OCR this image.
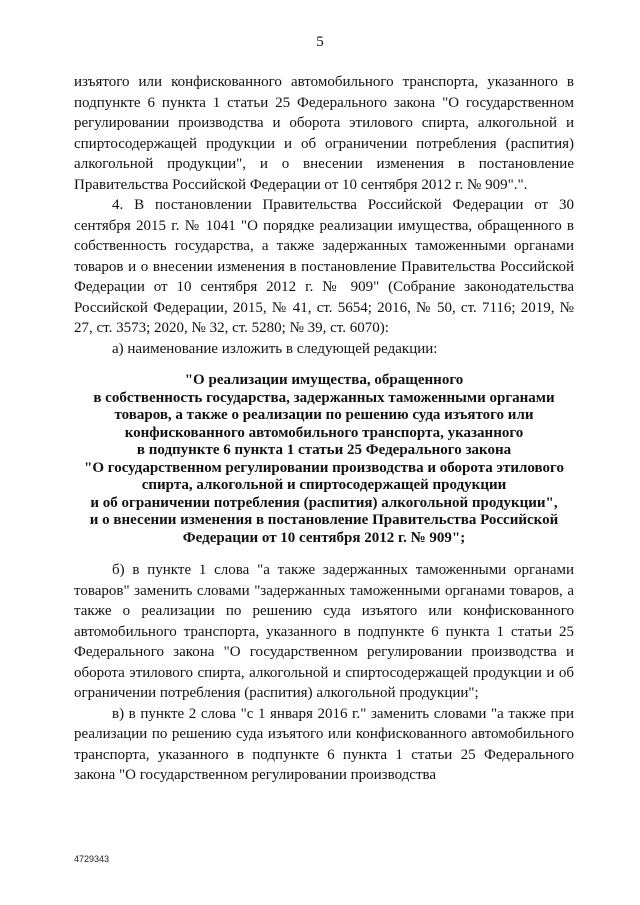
5

изъятого или конфискованного автомобильного транспорта, указанного в подпункте 6 пункта 1 статьи 25 Федерального закона "О государственном регулировании производства и оборота этилового спирта, алкогольной и спиртосодержащей продукции и об ограничении потребления (распития) алкогольной продукции", и о внесении изменения в постановление Правительства Российской Федерации от 10 сентября 2012 г. № 909".".

4. В постановлении Правительства Российской Федерации от 30 сентября 2015 г. № 1041 "О порядке реализации имущества, обращенного в собственность государства, а также задержанных таможенными органами товаров и о внесении изменения в постановление Правительства Российской Федерации от 10 сентября 2012 г. № 909" (Собрание законодательства Российской Федерации, 2015, № 41, ст. 5654; 2016, № 50, ст. 7116; 2019, № 27, ст. 3573; 2020, № 32, ст. 5280; № 39, ст. 6070):

а) наименование изложить в следующей редакции:

"О реализации имущества, обращенного
в собственность государства, задержанных таможенными органами
товаров, а также о реализации по решению суда изъятого или
конфискованного автомобильного транспорта, указанного
в подпункте 6 пункта 1 статьи 25 Федерального закона
"О государственном регулировании производства и оборота этилового
спирта, алкогольной и спиртосодержащей продукции
и об ограничении потребления (распития) алкогольной продукции",
и о внесении изменения в постановление Правительства Российской
Федерации от 10 сентября 2012 г. № 909";

б) в пункте 1 слова "а также задержанных таможенными органами товаров" заменить словами "задержанных таможенными органами товаров, а также о реализации по решению суда изъятого или конфискованного автомобильного транспорта, указанного в подпункте 6 пункта 1 статьи 25 Федерального закона "О государственном регулировании производства и оборота этилового спирта, алкогольной и спиртосодержащей продукции и об ограничении потребления (распития) алкогольной продукции";

в) в пункте 2 слова "с 1 января 2016 г." заменить словами "а также при реализации по решению суда изъятого или конфискованного автомобильного транспорта, указанного в подпункте 6 пункта 1 статьи 25 Федерального закона "О государственном регулировании производства

4729343
